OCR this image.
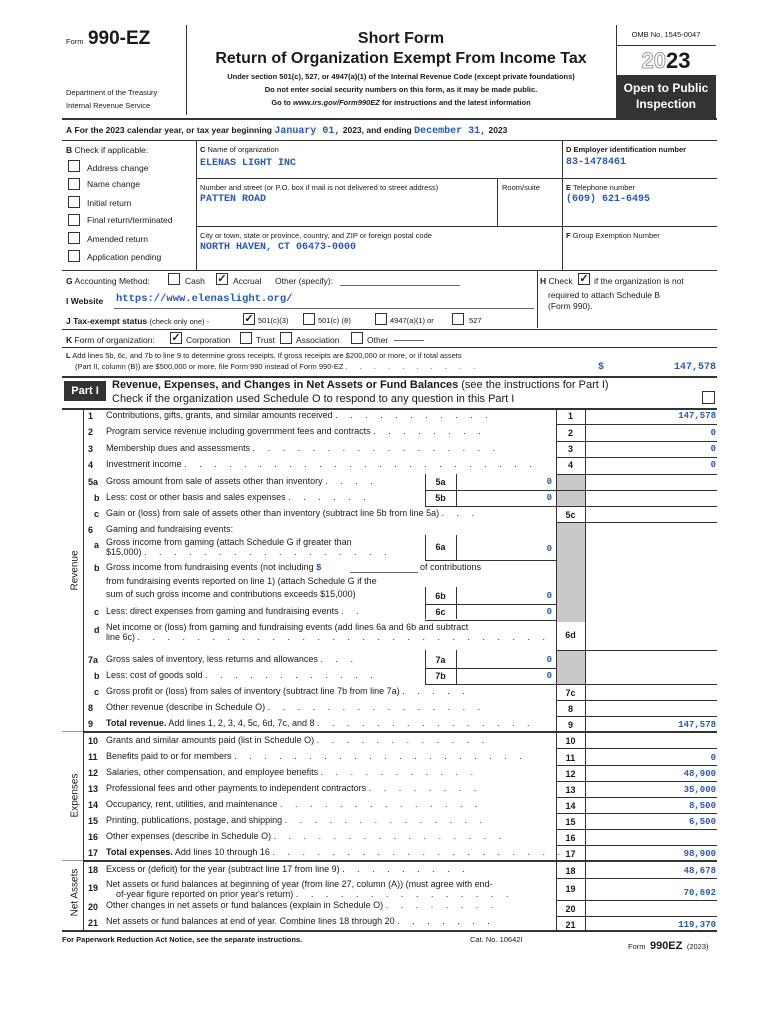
Form 990-EZ
Department of the Treasury
Internal Revenue Service
Short Form
Return of Organization Exempt From Income Tax
Under section 501(c), 527, or 4947(a)(1) of the Internal Revenue Code (except private foundations)
Do not enter social security numbers on this form, as it may be made public.
Go to www.irs.gov/Form990EZ for instructions and the latest information
OMB No. 1545-0047
2023
Open to Public
Inspection
A For the 2023 calendar year, or tax year beginning January 01, 2023, and ending December 31, 2023
B Check if applicable:
Address change
Name change
Initial return
Final return/terminated
Amended return
Application pending
C Name of organization
ELENAS LIGHT INC
Number and street (or P.O. box if mail is not delivered to street address)
PATTEN ROAD
Room/suite
City or town, state or province, country, and ZIP or foreign postal code
NORTH HAVEN, CT 06473-0000
D Employer identification number
83-1478461
E Telephone number
(609) 621-6495
F Group Exemption Number
G Accounting Method:	Cash ✓ Accrual Other (specify):	H Check ✓ if the organization is not
required to attach Schedule B
(Form 990).
I Website https://www.elenaslight.org/
J Tax-exempt status (check only one) -	✓ 501(c)(3)	501(c) (0)	4947(a)(1) or	527
K Form of organization: ✓ Corporation	Trust Association	Other
L Add lines 5b, 6c, and 7b to line 9 to determine gross receipts. If gross receipts are $200,000 or more, or if total assets
(Part II, column (B)) are $500,000 or more, file Form 990 instead of Form 990-EZ . . . . . . . . . .	$	147,578
Part I	Revenue, Expenses, and Changes in Net Assets or Fund Balances (see the instructions for Part I)
Check if the organization used Schedule O to respond to any question in this Part I
Revenue
Expenses
Net Assets
1 Contributions, gifts, grants, and similar amounts received . . . . . . . . . . .	1	147,578
2 Program service revenue including government fees and contracts . . . . . . . .	2	0
3 Membership dues and assessments . . . . . . . . . . . . . . . . .	3	0
4 Investment income . . . . . . . . . . . . . . . . . . . . . . . .	4	0
5a Gross amount from sale of assets other than inventory . . . .	5a	0
b Less: cost or other basis and sales expenses . . . . . .	5b	0
c Gain or (loss) from sale of assets other than inventory (subtract line 5b from line 5a) . . .	5c
6 Gaming and fundraising events:
a Gross income from gaming (attach Schedule G if greater than
$15,000) . . . . . . . . . . . . . . . . .	6a	0
b Gross income from fundraising events (not including $	of contributions
from fundraising events reported on line 1) (attach Schedule G if the
sum of such gross income and contributions exceeds $15,000)	6b	0
c Less: direct expenses from gaming and fundraising events . .	6c	0
d Net income or (loss) from gaming and fundraising events (add lines 6a and 6b and subtract
line 6c) . . . . . . . . . . . . . . . . . . . . . . . . . . . .	6d
7a Gross sales of inventory, less returns and allowances . . .	7a	0
b Less: cost of goods sold . . . . . . . . . . . .	7b	0
c Gross profit or (loss) from sales of inventory (subtract line 7b from line 7a) . . . . .	7c
8 Other revenue (describe in Schedule O) . . . . . . . . . . . . . . .	8
9 Total revenue. Add lines 1, 2, 3, 4, 5c, 6d, 7c, and 8 . . . . . . . . . . . . . . .	9	147,578
10 Grants and similar amounts paid (list in Schedule O) . . . . . . . . . . . .	10
11 Benefits paid to or for members . . . . . . . . . . . . . . . . . . . .	11	0
12 Salaries, other compensation, and employee benefits . . . . . . . . . . .	12	48,900
13 Professional fees and other payments to independent contractors . . . . . . . .	13	35,000
14 Occupancy, rent, utilities, and maintenance . . . . . . . . . . . . . .	14	8,500
15 Printing, publications, postage, and shipping . . . . . . . . . . . . . .	15	6,500
16 Other expenses (describe in Schedule O) . . . . . . . . . . . . . . . .	16
17 Total expenses. Add lines 10 through 16 . . . . . . . . . . . . . . . . . . . . 17	98,900
18 Excess or (deficit) for the year (subtract line 17 from line 9) . . . . . . . . .	18	48,678
19 Net assets or fund balances at beginning of year (from line 27, column (A)) (must agree with end-
of-year figure reported on prior year's return) . . . . . . . . . . . . . . .	19	70,692
20 Other changes in net assets or fund balances (explain in Schedule O) . . . . . . . .	20
21 Net assets or fund balances at end of year. Combine lines 18 through 20 . . . . . . .	21	119,370
For Paperwork Reduction Act Notice, see the separate instructions.	Cat. No. 10642I
Form 990EZ (2023)
